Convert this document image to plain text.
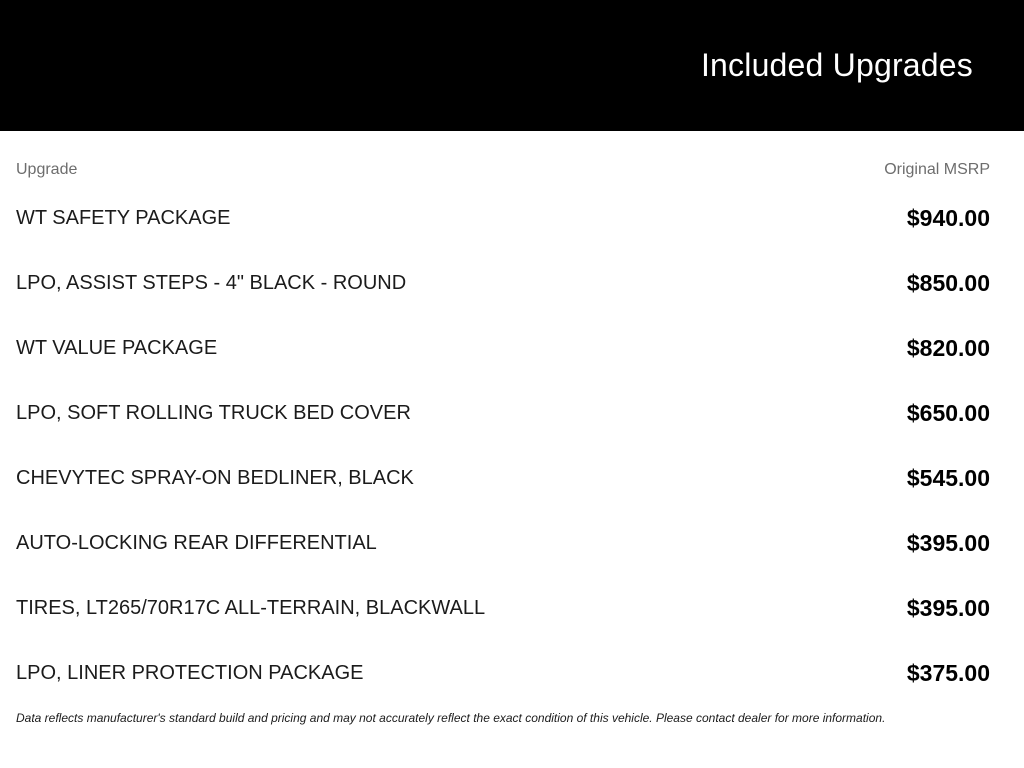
Included Upgrades
Upgrade	Original MSRP
WT SAFETY PACKAGE	$940.00
LPO, ASSIST STEPS - 4" BLACK - ROUND	$850.00
WT VALUE PACKAGE	$820.00
LPO, SOFT ROLLING TRUCK BED COVER	$650.00
CHEVYTEC SPRAY-ON BEDLINER, BLACK	$545.00
AUTO-LOCKING REAR DIFFERENTIAL	$395.00
TIRES, LT265/70R17C ALL-TERRAIN, BLACKWALL	$395.00
LPO, LINER PROTECTION PACKAGE	$375.00
Data reflects manufacturer's standard build and pricing and may not accurately reflect the exact condition of this vehicle. Please contact dealer for more information.
